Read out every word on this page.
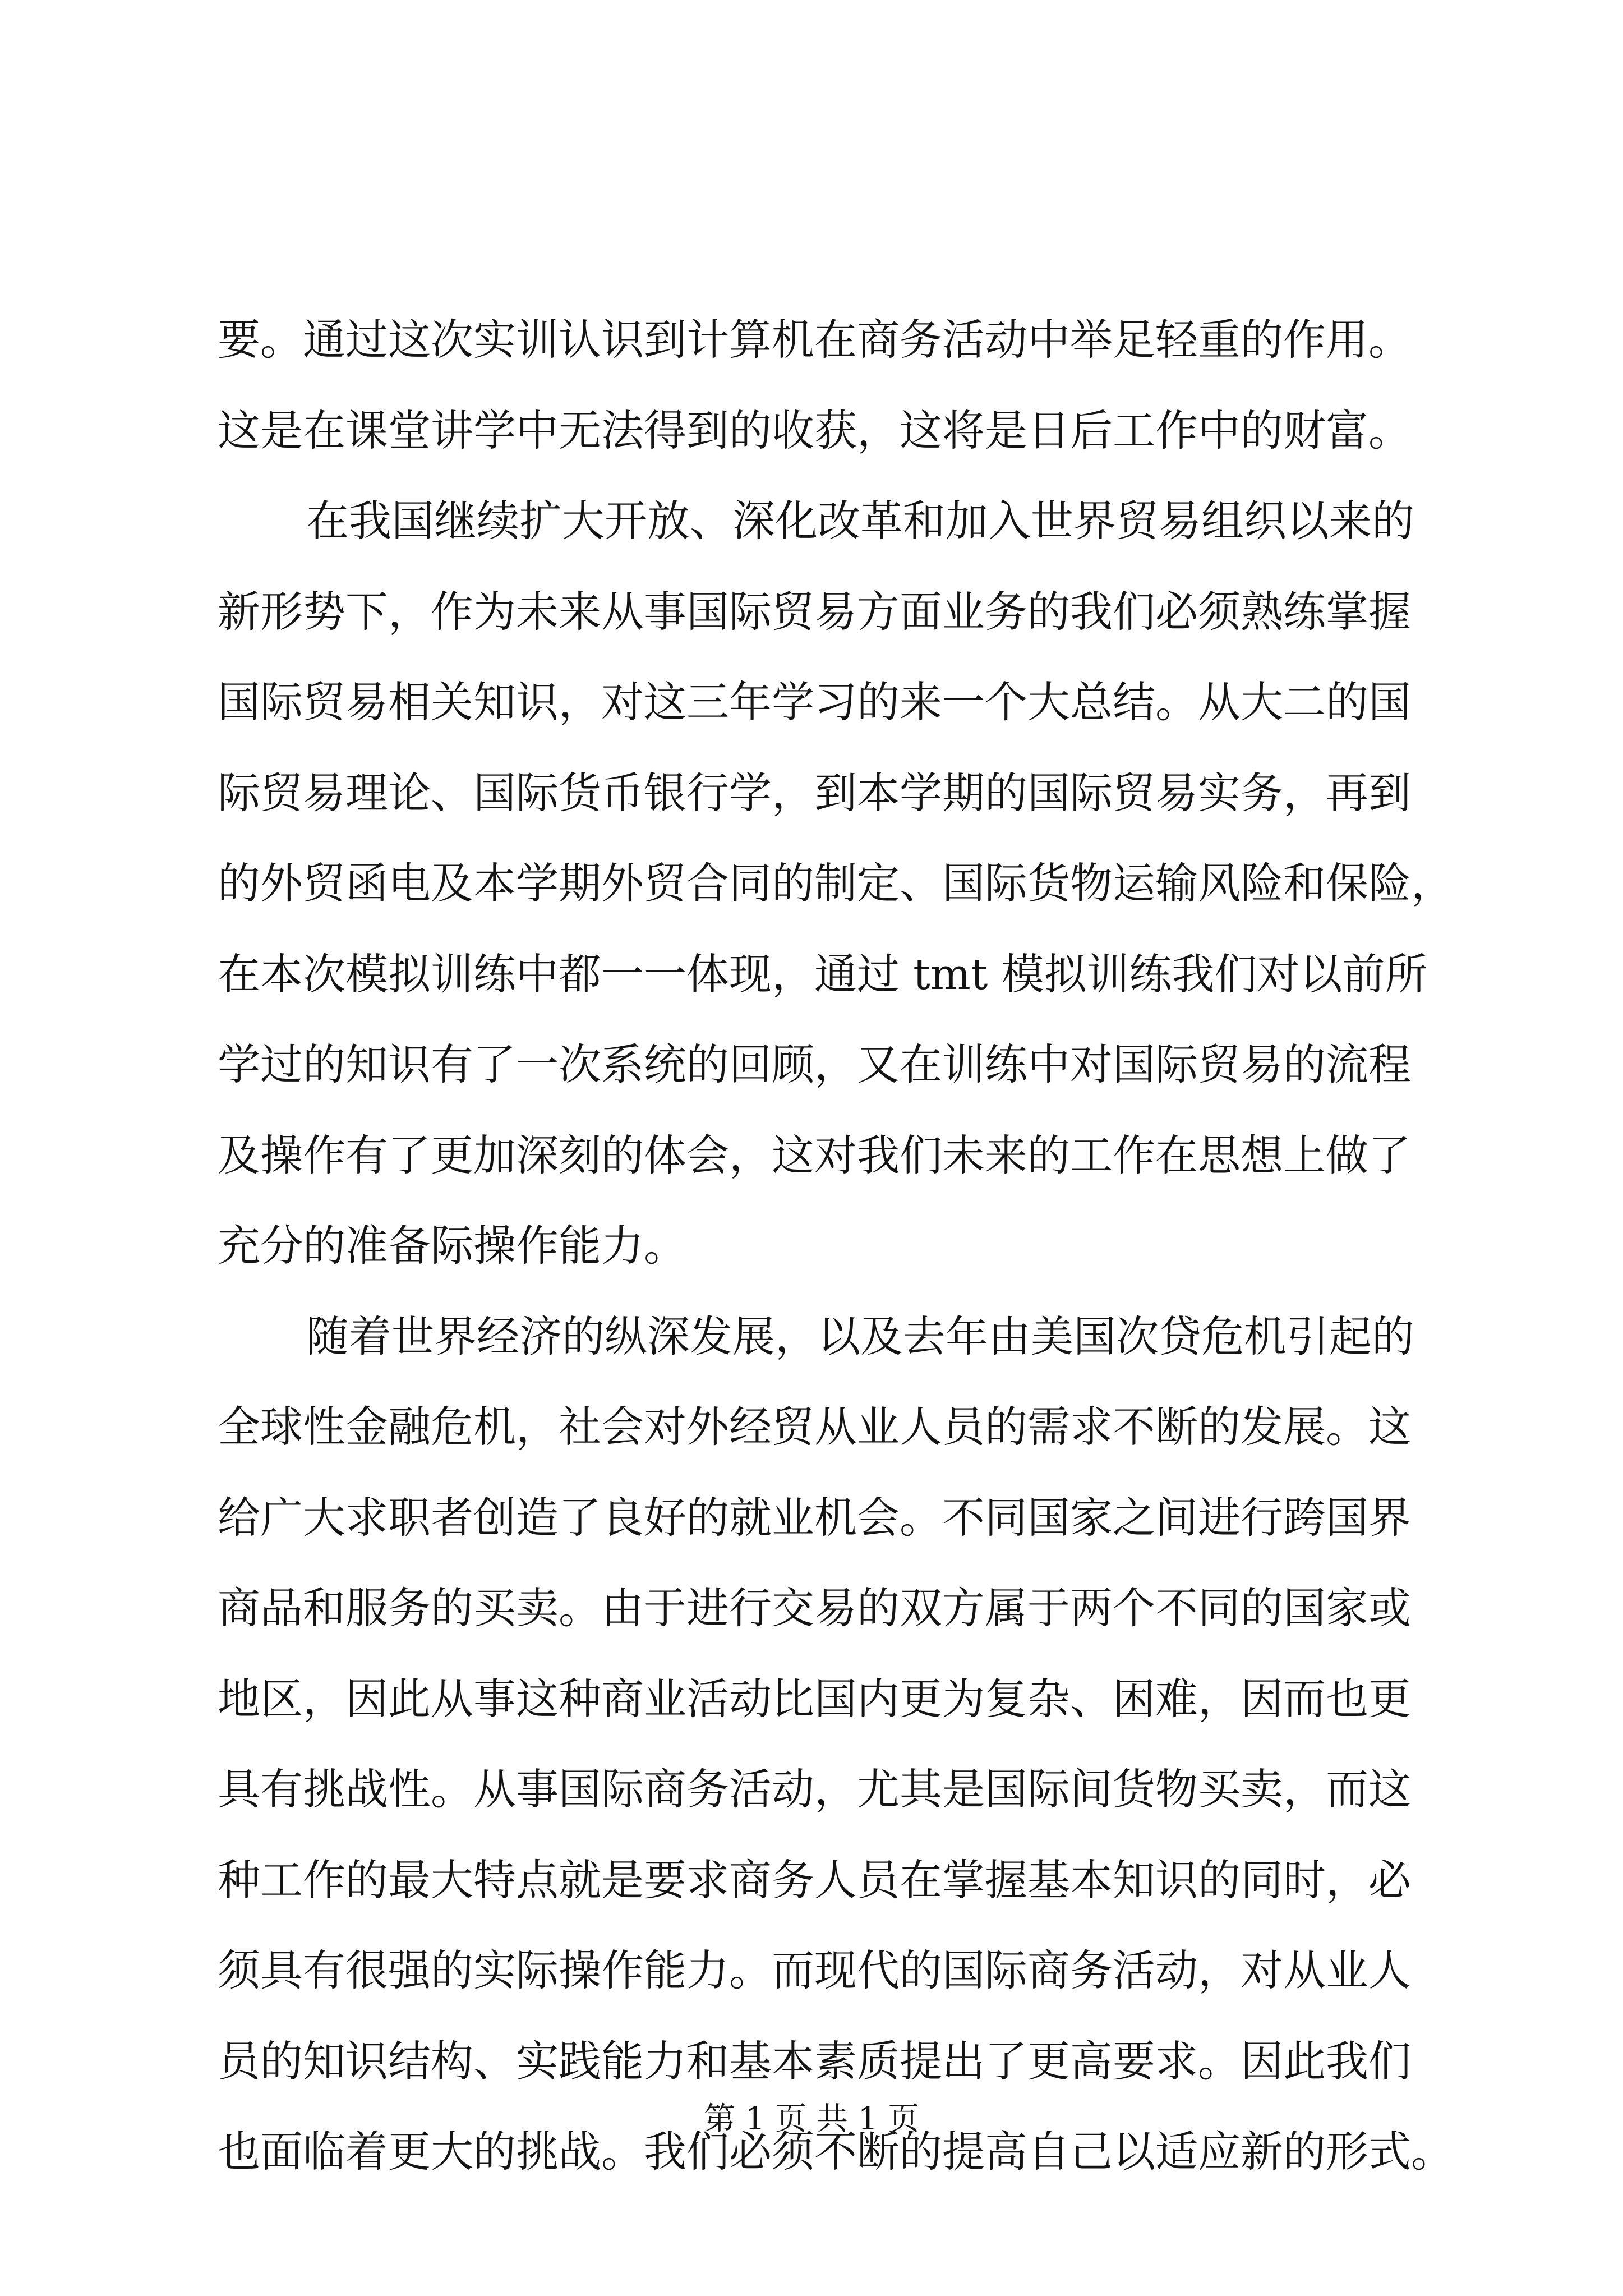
要。通过这次实训认识到计算机在商务活动中举足轻重的作用。
这是在课堂讲学中无法得到的收获，这将是日后工作中的财富。
在我国继续扩大开放、深化改革和加入世界贸易组织以来的
新形势下，作为未来从事国际贸易方面业务的我们必须熟练掌握
国际贸易相关知识，对这三年学习的来一个大总结。从大二的国
际贸易理论、国际货币银行学，到本学期的国际贸易实务，再到
的外贸函电及本学期外贸合同的制定、国际货物运输风险和保险，
在本次模拟训练中都一一体现，通过 tmt 模拟训练我们对以前所
学过的知识有了一次系统的回顾，又在训练中对国际贸易的流程
及操作有了更加深刻的体会，这对我们未来的工作在思想上做了
充分的准备际操作能力。
随着世界经济的纵深发展，以及去年由美国次贷危机引起的
全球性金融危机，社会对外经贸从业人员的需求不断的发展。这
给广大求职者创造了良好的就业机会。不同国家之间进行跨国界
商品和服务的买卖。由于进行交易的双方属于两个不同的国家或
地区，因此从事这种商业活动比国内更为复杂、困难，因而也更
具有挑战性。从事国际商务活动，尤其是国际间货物买卖，而这
种工作的最大特点就是要求商务人员在掌握基本知识的同时，必
须具有很强的实际操作能力。而现代的国际商务活动，对从业人
员的知识结构、实践能力和基本素质提出了更高要求。因此我们
也面临着更大的挑战。我们必须不断的提高自己以适应新的形式。
第 1 页 共 1 页
